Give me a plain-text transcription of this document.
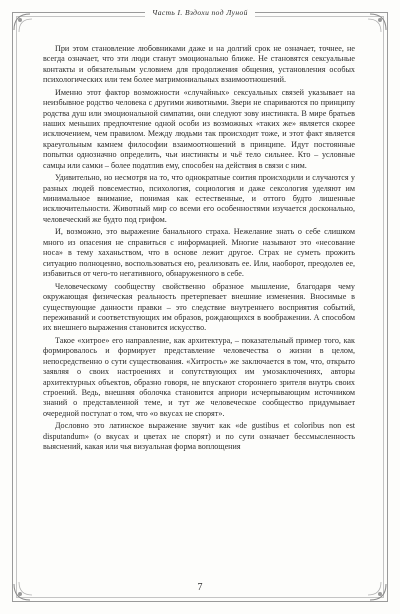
Часть I. Вздохи под Луной

При этом становление любовниками даже и на долгий срок не означает, точнее, не всегда означает, что эти люди станут эмоционально ближе. Не становятся сексуальные контакты и обязательным условием для продолжения общения, установления особых психологических или тем более матримониальных взаимоотношений.

Именно этот фактор возможности «случайных» сексуальных связей указывает на неизбывное родство человека с другими животными. Звери не спариваются по принципу родства душ или эмоциональной симпатии, они следуют зову инстинкта. В мире братьев наших меньших предпочтение одной особи из возможных «таких же» является скорее исключением, чем правилом. Между людьми так происходит тоже, и этот факт является краеугольным камнем философии взаимоотношений в принципе. Идут постоянные попытки однозначно определить, чьи инстинкты и чьё тело сильнее. Кто – условные самцы или самки – более податлив ему, способен на действия в связи с ним.

Удивительно, но несмотря на то, что однократные соития происходили и случаются у разных людей повсеместно, психология, социология и даже сексология уделяют им минимальное внимание, понимая как естественные, и оттого будто лишенные исключительности. Животный мир со всеми его особенностями изучается досконально, человеческий же будто под грифом.

И, возможно, это выражение банального страха. Нежелание знать о себе слишком много из опасения не справиться с информацией. Многие называют это «несование носа» в тему хаханьством, что в основе лежит другое. Страх не суметь прожить ситуацию полноценно, воспользоваться ею, реализовать ее. Или, наоборот, преодолев ее, избавиться от чего-то негативного, обнаруженного в себе.

Человеческому сообществу свойственно образное мышление, благодаря чему окружающая физическая реальность претерпевает внешние изменения. Вносимые в существующие данности правки – это следствие внутреннего восприятия событий, переживаний и соответствующих им образов, рождающихся в воображении. А способом их внешнего выражения становится искусство.

Такое «хитрое» его направление, как архитектура, – показательный пример того, как формировалось и формирует представление человечества о жизни в целом, непосредственно о сути существования. «Хитрость» же заключается в том, что, открыто заявляя о своих настроениях и сопутствующих им умозаключениях, авторы архитектурных объектов, образно говоря, не впускают стороннего зрителя внутрь своих строений. Ведь, внешняя оболочка становится априори исчерпывающим источником знаний о представленной теме, и тут же человеческое сообщество придумывает очередной постулат о том, что «о вкусах не спорят».

Дословно это латинское выражение звучит как «de gustibus et coloribus non est disputandum» (о вкусах и цветах не спорят) и по сути означает бессмысленность выяснений, какая или чья визуальная форма воплощения

7
